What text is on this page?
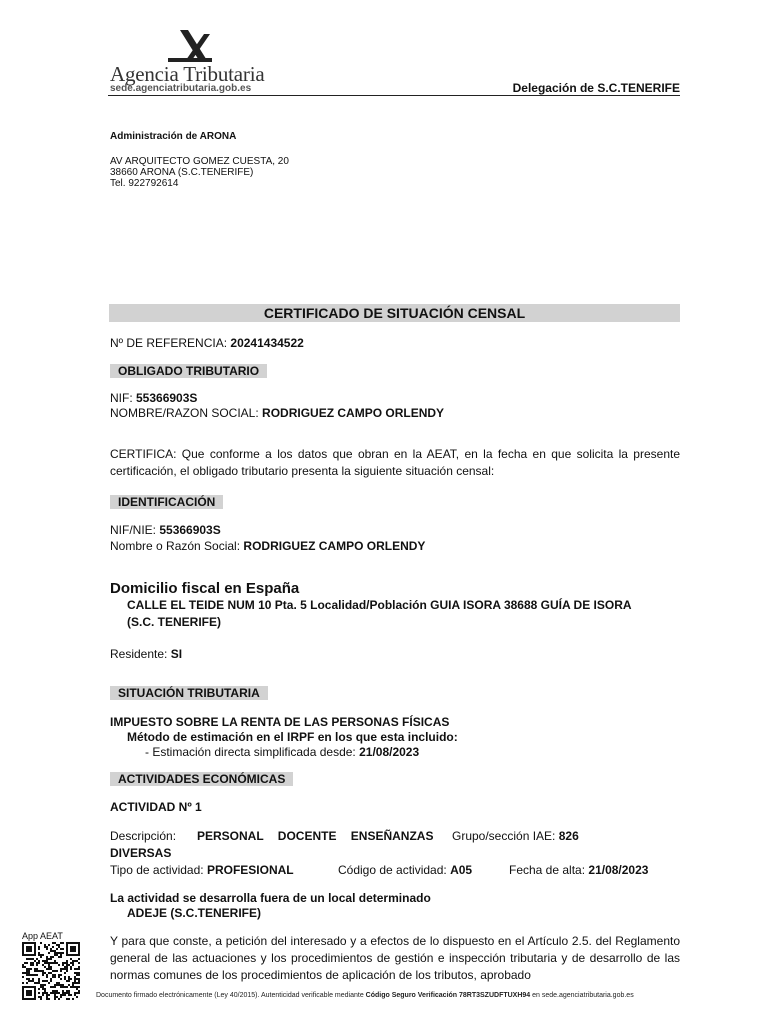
Agencia Tributaria
sede.agenciatributaria.gob.es	Delegación de S.C.TENERIFE
Administración de ARONA
AV ARQUITECTO GOMEZ CUESTA, 20
38660 ARONA (S.C.TENERIFE)
Tel. 922792614
CERTIFICADO DE SITUACIÓN CENSAL
Nº DE REFERENCIA: 20241434522
OBLIGADO TRIBUTARIO
NIF: 55366903S
NOMBRE/RAZON SOCIAL: RODRIGUEZ CAMPO ORLENDY
CERTIFICA: Que conforme a los datos que obran en la AEAT, en la fecha en que solicita la presente certificación, el obligado tributario presenta la siguiente situación censal:
IDENTIFICACIÓN
NIF/NIE: 55366903S
Nombre o Razón Social: RODRIGUEZ CAMPO ORLENDY
Domicilio fiscal en España
CALLE EL TEIDE NUM 10 Pta. 5 Localidad/Población GUIA ISORA 38688 GUÍA DE ISORA
(S.C. TENERIFE)
Residente: SI
SITUACIÓN TRIBUTARIA
IMPUESTO SOBRE LA RENTA DE LAS PERSONAS FÍSICAS
Método de estimación en el IRPF en los que esta incluido:
- Estimación directa simplificada desde: 21/08/2023
ACTIVIDADES ECONÓMICAS
ACTIVIDAD Nº 1
Descripción: PERSONAL DOCENTE ENSEÑANZAS Grupo/sección IAE: 826
DIVERSAS
Tipo de actividad: PROFESIONAL	Código de actividad: A05	Fecha de alta: 21/08/2023
La actividad se desarrolla fuera de un local determinado
ADEJE (S.C.TENERIFE)
Y para que conste, a petición del interesado y a efectos de lo dispuesto en el Artículo 2.5. del Reglamento general de las actuaciones y los procedimientos de gestión e inspección tributaria y de desarrollo de las normas comunes de los procedimientos de aplicación de los tributos, aprobado
App AEAT
Documento firmado electrónicamente (Ley 40/2015). Autenticidad verificable mediante Código Seguro Verificación 78RT3SZUDFTUXH94 en sede.agenciatributaria.gob.es
